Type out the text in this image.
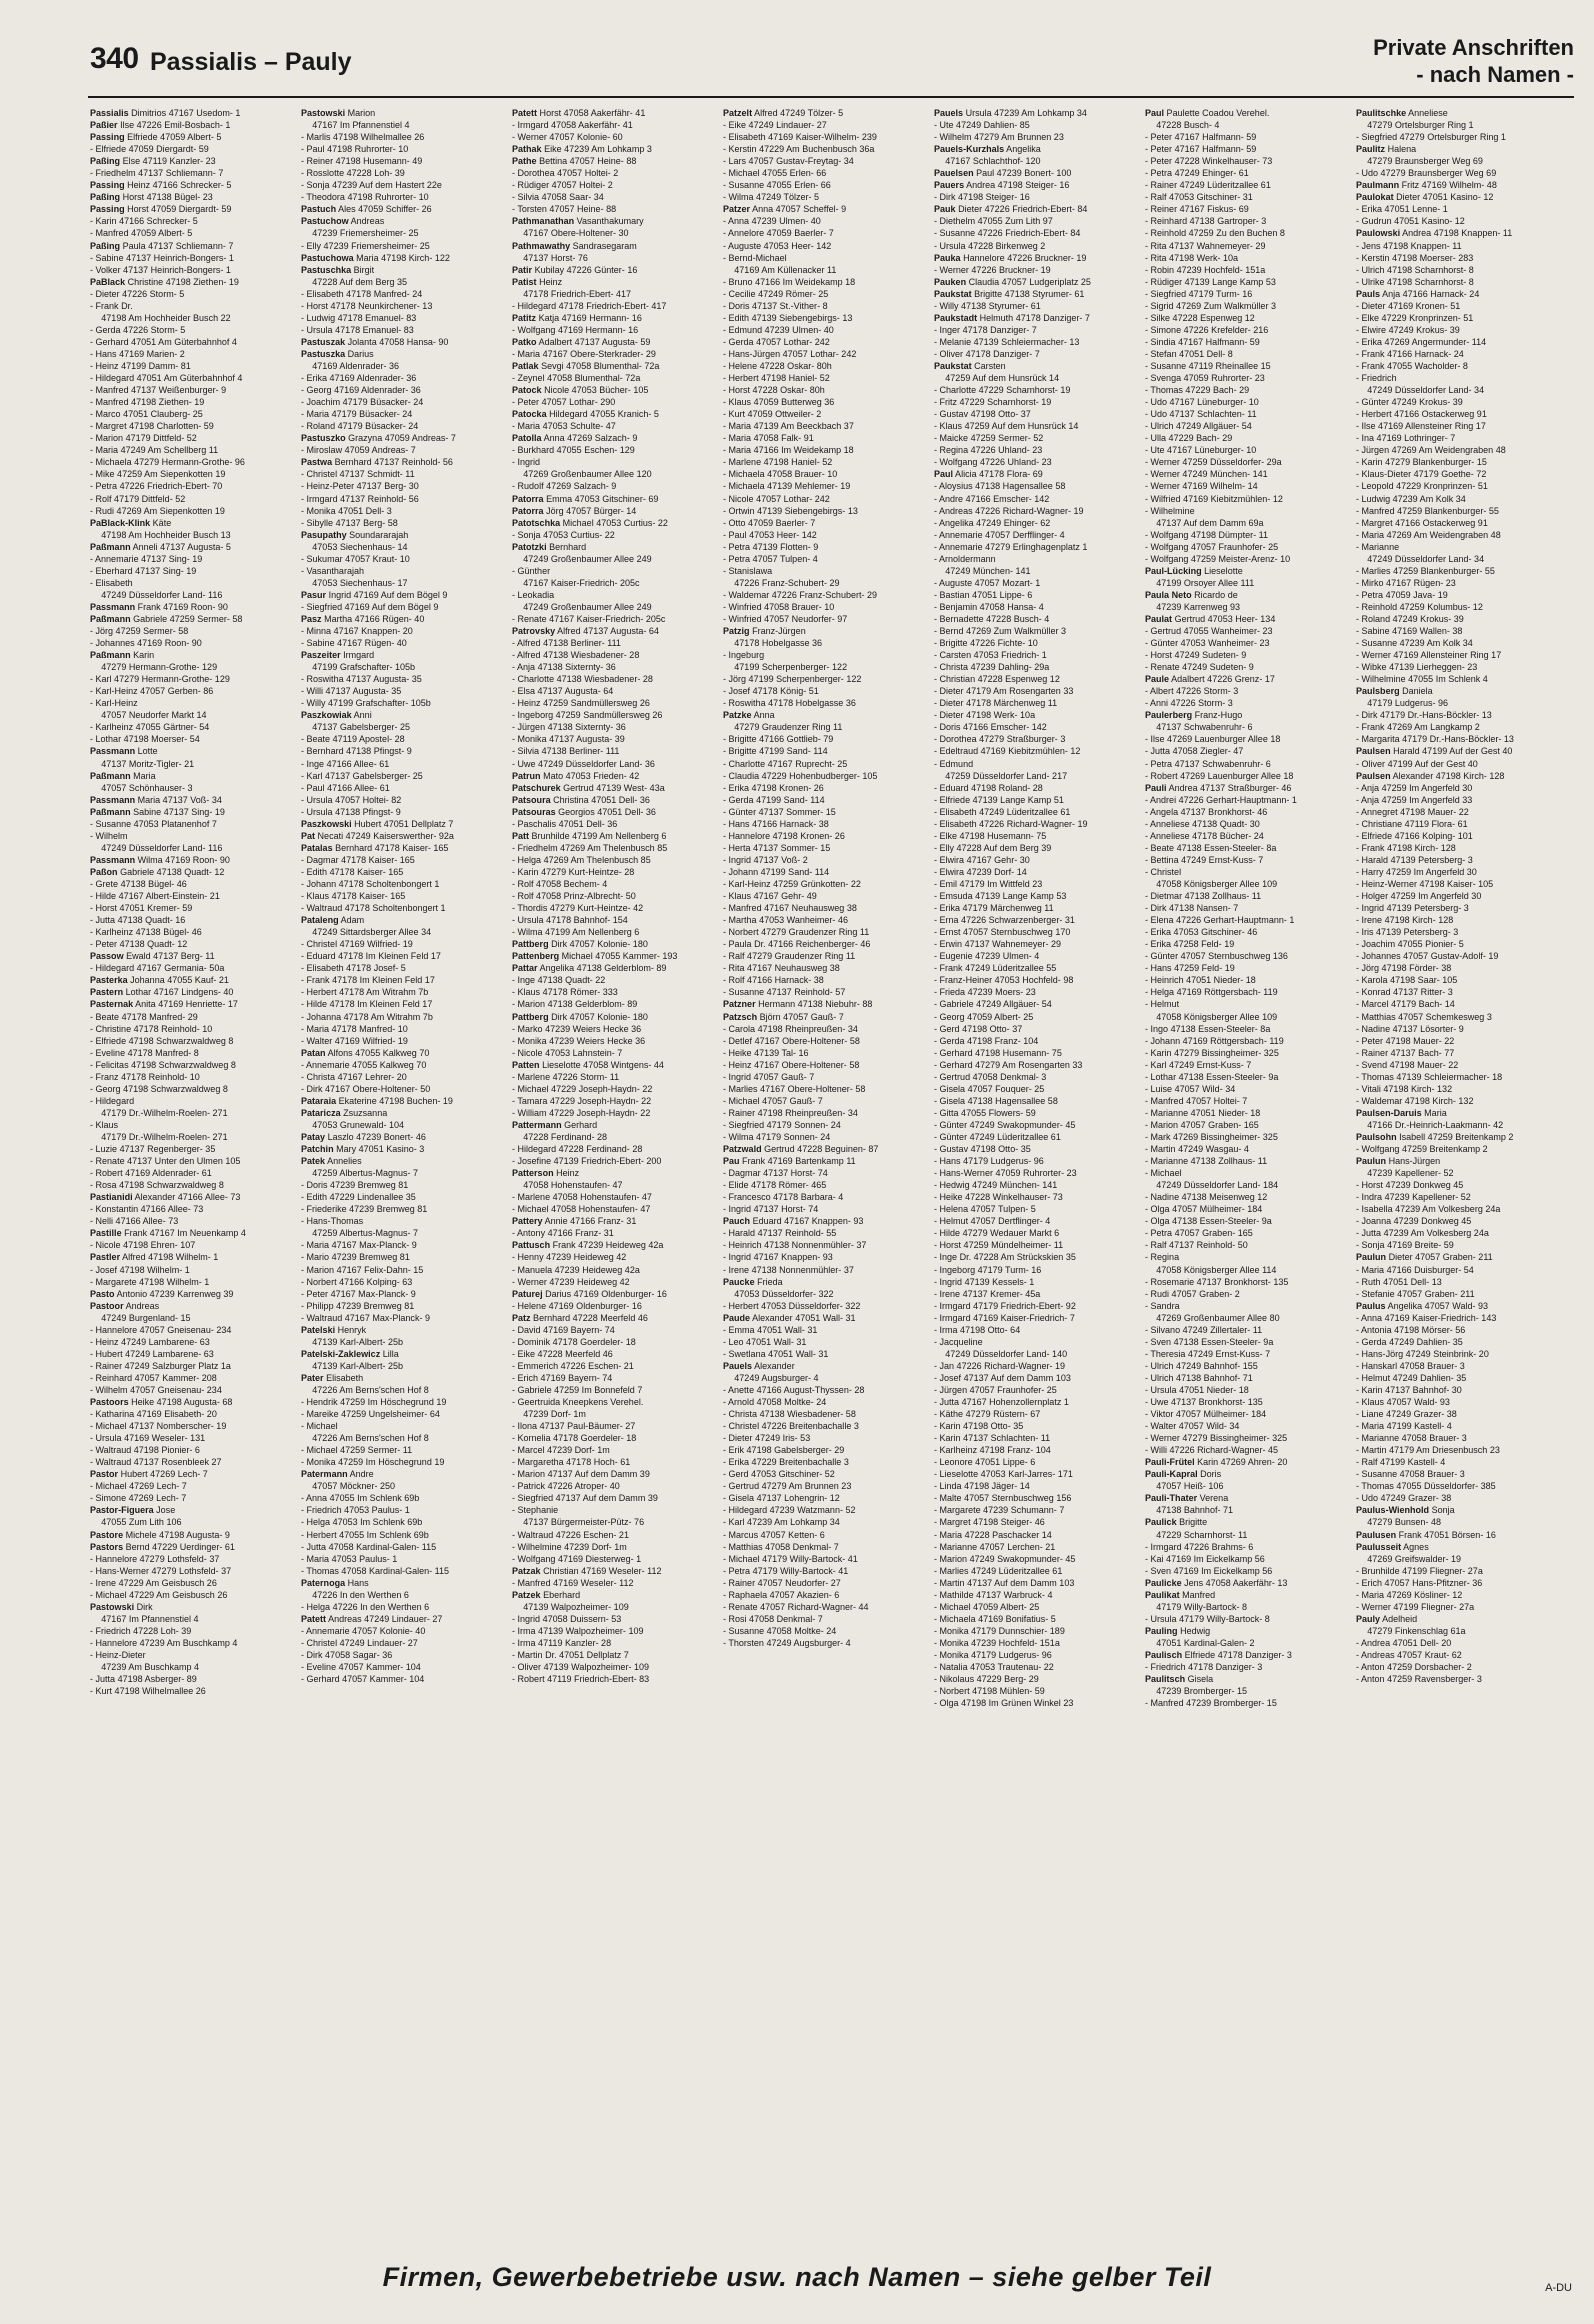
340 Passialis – Pauly
Private Anschriften
- nach Namen -
Passialis Dimitrios 47167 Usedom- 1
Paßier Ilse 47226 Emil-Bosbach- 1
Passing Elfriede 47059 Albert- 5
- Elfriede 47059 Diergardt- 59
Paßing Else 47119 Kanzler- 23
- Friedhelm 47137 Schliemann- 7
Passing Heinz 47166 Schrecker- 5
Paßing Horst 47138 Bügel- 23
Passing Horst 47059 Diergardt- 59
- Karin 47166 Schrecker- 5
- Manfred 47059 Albert- 5
Paßing Paula 47137 Schliemann- 7
- Sabine 47137 Heinrich-Bongers- 1
- Volker 47137 Heinrich-Bongers- 1
PaBlack Christine 47198 Ziethen- 19
- Dieter 47226 Storm- 5
- Frank Dr.
47198 Am Hochheider Busch 22
- Gerda 47226 Storm- 5
- Gerhard 47051 Am Güterbahnhof 4
- Hans 47169 Marien- 2
- Heinz 47199 Damm- 81
- Hildegard 47051 Am Güterbahnhof 4
- Manfred 47137 Weißenburger- 9
- Manfred 47198 Ziethen- 19
- Marco 47051 Clauberg- 25
- Margret 47198 Charlotten- 59
- Marion 47179 Dittfeld- 52
- Maria 47249 Am Schellberg 11
- Michaela 47279 Hermann-Grothe- 96
- Mike 47259 Am Siepenkotten 19
- Petra 47226 Friedrich-Ebert- 70
- Rolf 47179 Dittfeld- 52
- Rudi 47269 Am Siepenkotten 19
PaBlack-Klink Käte
47198 Am Hochheider Busch 13
Paßmann Anneli 47137 Augusta- 5
- Annemarie 47137 Sing- 19
- Eberhard 47137 Sing- 19
- Elisabeth
47249 Düsseldorfer Land- 116
Passmann Frank 47169 Roon- 90
Paßmann Gabriele 47259 Sermer- 58
- Jörg 47259 Sermer- 58
- Johannes 47169 Roon- 90
Paßmann Karin
47279 Hermann-Grothe- 129
- Karl 47279 Hermann-Grothe- 129
- Karl-Heinz 47057 Gerben- 86
- Karl-Heinz
47057 Neudorfer Markt 14
- Karlheinz 47055 Gärtner- 54
- Lothar 47198 Moerser- 54
Passmann Lotte
47137 Moritz-Tigler- 21
Paßmann Maria
47057 Schönhauser- 3
Passmann Maria 47137 Voß- 34
Paßmann Sabine 47137 Sing- 19
- Susanne 47053 Platanenhof 7
- Wilhelm
47249 Düsseldorfer Land- 116
Passmann Wilma 47169 Roon- 90
Paßon Gabriele 47138 Quadt- 12
- Grete 47138 Bügel- 46
- Hilde 47167 Albert-Einstein- 21
- Horst 47051 Kremer- 59
- Jutta 47138 Quadt- 16
- Karlheinz 47138 Bügel- 46
- Peter 47138 Quadt- 12
Passow Ewald 47137 Berg- 11
- Hildegard 47167 Germania- 50a
Pasterka Johanna 47055 Kauf- 21
Pastern Lothar 47167 Lindgens- 40
Pasternak Anita 47169 Henriette- 17
- Beate 47178 Manfred- 29
- Christine 47178 Reinhold- 10
- Elfriede 47198 Schwarzwaldweg 8
- Eveline 47178 Manfred- 8
- Felicitas 47198 Schwarzwaldweg 8
- Franz 47178 Reinhold- 10
- Georg 47198 Schwarzwaldweg 8
- Hildegard
47179 Dr.-Wilhelm-Roelen- 271
- Klaus
47179 Dr.-Wilhelm-Roelen- 271
- Luzie 47137 Regenberger- 35
- Renate 47137 Unter den Ulmen 105
- Robert 47169 Aldenrader- 61
- Rosa 47198 Schwarzwaldweg 8
Pastianidi Alexander 47166 Allee- 73
- Konstantin 47166 Allee- 73
- Nelli 47166 Allee- 73
Pastille Frank 47167 Im Neuenkamp 4
- Nicole 47198 Ehren- 107
Pastler Alfred 47198 Wilhelm- 1
- Josef 47198 Wilhelm- 1
- Margarete 47198 Wilhelm- 1
Pasto Antonio 47239 Karrenweg 39
Pastoor Andreas
47249 Burgenland- 15
- Hannelore 47057 Gneisenau- 234
- Heinz 47249 Lambarene- 63
- Hubert 47249 Lambarene- 63
- Rainer 47249 Salzburger Platz 1a
- Reinhard 47057 Kammer- 208
- Wilhelm 47057 Gneisenau- 234
Pastoors Heike 47198 Augusta- 68
- Katharina 47169 Elisabeth- 20
- Michael 47137 Nomberscher- 19
- Ursula 47169 Weseler- 131
- Waltraud 47198 Pionier- 6
- Waltraud 47137 Rosenbleek 27
Pastor Hubert 47269 Lech- 7
- Michael 47269 Lech- 7
- Simone 47269 Lech- 7
Pastor-Figuera Jose
47055 Zum Lith 106
Pastore Michele 47198 Augusta- 9
Pastors Bernd 47229 Uerdinger- 61
- Hannelore 47279 Lothsfeld- 37
- Hans-Werner 47279 Lothsfeld- 37
- Irene 47229 Am Geisbusch 26
- Michael 47229 Am Geisbusch 26
Pastowski Dirk
47167 Im Pfannenstiel 4
- Friedrich 47228 Loh- 39
- Hannelore 47239 Am Buschkamp 4
- Heinz-Dieter
47239 Am Buschkamp 4
- Jutta 47198 Asberger- 89
- Kurt 47198 Wilhelmallee 26
Pastowski Marion
47167 Im Pfannenstiel 4
- Marlis 47198 Wilhelmallee 26
- Paul 47198 Ruhrorter- 10
- Reiner 47198 Husemann- 49
- Rosslotte 47228 Loh- 39
- Sonja 47239 Auf dem Hastert 22e
- Theodora 47198 Ruhrorter- 10
Pastuch Ales 47059 Schiffer- 26
Pastuchow Andreas
47239 Friemersheimer- 25
- Elly 47239 Friemersheimer- 25
Pastuchowa Maria 47198 Kirch- 122
Pastuschka Birgit
47228 Auf dem Berg 35
- Elisabeth 47178 Manfred- 24
- Horst 47178 Neunkirchener- 13
- Ludwig 47178 Emanuel- 83
- Ursula 47178 Emanuel- 83
Pastuszak Jolanta 47058 Hansa- 90
Pastuszka Darius
47169 Aldenrader- 36
- Erika 47169 Aldenrader- 36
- Georg 47169 Aldenrader- 36
- Joachim 47179 Büsacker- 24
- Maria 47179 Büsacker- 24
- Roland 47179 Büsacker- 24
Pastuszko Grazyna 47059 Andreas- 7
- Miroslaw 47059 Andreas- 7
Pastwa Bernhard 47137 Reinhold- 56
- Christel 47137 Schmidt- 11
- Heinz-Peter 47137 Berg- 30
- Irmgard 47137 Reinhold- 56
- Monika 47051 Dell- 3
- Sibylle 47137 Berg- 58
Pasupathy Soundararajah
47053 Siechenhaus- 14
- Sukumar 47057 Kraut- 10
- Vasantharajah
47053 Siechenhaus- 17
Pasur Ingrid 47169 Auf dem Bögel 9
- Siegfried 47169 Auf dem Bögel 9
Pasz Martha 47166 Rügen- 40
- Minna 47167 Knappen- 20
- Sabine 47167 Rügen- 40
Paszeiter Irmgard
47199 Grafschafter- 105b
- Roswitha 47137 Augusta- 35
- Willi 47137 Augusta- 35
- Willy 47199 Grafschafter- 105b
Paszkowiak Anni
47137 Gabelsberger- 25
- Beate 47119 Apostel- 28
- Bernhard 47138 Pfingst- 9
- Inge 47166 Allee- 61
- Karl 47137 Gabelsberger- 25
- Paul 47166 Allee- 61
- Ursula 47057 Holtei- 82
- Ursula 47138 Pfingst- 9
Paszkowski Hubert 47051 Dellplatz 7
Pat Necati 47249 Kaiserswerther- 92a
Patalas Bernhard 47178 Kaiser- 165
- Dagmar 47178 Kaiser- 165
- Edith 47178 Kaiser- 165
- Johann 47178 Scholtenbongert 1
- Klaus 47178 Kaiser- 165
- Waltraud 47178 Scholtenbongert 1
Pataleng Adam
47249 Sittardsberger Allee 34
- Christel 47169 Wilfried- 19
- Eduard 47178 Im Kleinen Feld 17
- Elisabeth 47178 Josef- 5
- Frank 47178 Im Kleinen Feld 17
- Herbert 47178 Am Witrahm 7b
- Hilde 47178 Im Kleinen Feld 17
- Johanna 47178 Am Witrahm 7b
- Maria 47178 Manfred- 10
- Walter 47169 Wilfried- 19
Patan Alfons 47055 Kalkweg 70
- Annemarie 47055 Kalkweg 70
- Christa 47167 Lehrer- 20
- Dirk 47167 Obere-Holtener- 50
Pataraia Ekaterine 47198 Buchen- 19
Pataricza Zsuzsanna
47053 Grunewald- 104
Patay Laszlo 47239 Bonert- 46
Patchin Mary 47051 Kasino- 3
Patek Annelies
47259 Albertus-Magnus- 7
- Doris 47239 Bremweg 81
- Edith 47229 Lindenallee 35
- Friederike 47239 Bremweg 81
- Hans-Thomas
47259 Albertus-Magnus- 7
- Maria 47167 Max-Planck- 9
- Mario 47239 Bremweg 81
- Marion 47167 Felix-Dahn- 15
- Norbert 47166 Kolping- 63
- Peter 47167 Max-Planck- 9
- Philipp 47239 Bremweg 81
- Waltraud 47167 Max-Planck- 9
Patelski Henryk
47139 Karl-Albert- 25b
Patelski-Zaklewicz Lilla
47139 Karl-Albert- 25b
Pater Elisabeth
47226 Am Berns'schen Hof 8
- Hendrik 47259 Im Höschegrund 19
- Mareike 47259 Ungelsheimer- 64
- Michael
47226 Am Berns'schen Hof 8
- Michael 47259 Sermer- 11
- Monika 47259 Im Höschegrund 19
Patermann Andre
47057 Möckner- 250
- Anna 47055 Im Schlenk 69b
- Friedrich 47053 Paulus- 1
- Helga 47053 Im Schlenk 69b
- Herbert 47055 Im Schlenk 69b
- Jutta 47058 Kardinal-Galen- 115
- Maria 47053 Paulus- 1
- Thomas 47058 Kardinal-Galen- 115
Paternoga Hans
47226 In den Werthen 6
- Helga 47226 In den Werthen 6
Patett Andreas 47249 Lindauer- 27
- Annemarie 47057 Kolonie- 40
- Christel 47249 Lindauer- 27
- Dirk 47058 Sagar- 36
- Eveline 47057 Kammer- 104
- Gerhard 47057 Kammer- 104
Patett Horst 47058 Aakerfähr- 41
- Irmgard 47058 Aakerfähr- 41
- Werner 47057 Kolonie- 60
Pathak Eike 47239 Am Lohkamp 3
Pathe Bettina 47057 Heine- 88
- Dorothea 47057 Holtei- 2
- Rüdiger 47057 Holtei- 2
- Silvia 47058 Saar- 34
- Torsten 47057 Heine- 88
Pathmanathan Vasanthakumary
47167 Obere-Holtener- 30
Pathmawathy Sandrasegaram
47137 Horst- 76
Patir Kubilay 47226 Günter- 16
Patist Heinz
47178 Friedrich-Ebert- 417
- Hildegard 47178 Friedrich-Ebert- 417
Patitz Katja 47169 Hermann- 16
- Wolfgang 47169 Hermann- 16
Patko Adalbert 47137 Augusta- 59
- Maria 47167 Obere-Sterkrader- 29
Patlak Sevgi 47058 Blumenthal- 72a
- Zeynel 47058 Blumenthal- 72a
Patock Nicole 47053 Bücher- 105
- Peter 47057 Lothar- 290
Patocka Hildegard 47055 Kranich- 5
- Maria 47053 Schulte- 47
Patolla Anna 47269 Salzach- 9
- Burkhard 47055 Eschen- 129
- Ingrid
47269 Großenbaumer Allee 120
- Rudolf 47269 Salzach- 9
Patorra Emma 47053 Gitschiner- 69
Patorra Jörg 47057 Bürger- 14
Patotschka Michael 47053 Curtius- 22
- Sonja 47053 Curtius- 22
Patotzki Bernhard
47249 Großenbaumer Allee 249
- Günther
47167 Kaiser-Friedrich- 205c
- Leokadia
47249 Großenbaumer Allee 249
- Renate 47167 Kaiser-Friedrich- 205c
Patrovsky Alfred 47137 Augusta- 64
- Alfred 47138 Berliner- 111
- Alfred 47138 Wiesbadener- 28
- Anja 47138 Sixternty- 36
- Charlotte 47138 Wiesbadener- 28
- Elsa 47137 Augusta- 64
- Heinz 47259 Sandmüllersweg 26
- Ingeborg 47259 Sandmüllersweg 26
- Jürgen 47138 Sixternty- 36
- Monika 47137 Augusta- 39
- Silvia 47138 Berliner- 111
- Uwe 47249 Düsseldorfer Land- 36
Patrun Mato 47053 Frieden- 42
Patschurek Gertrud 47139 West- 43a
Patsoura Christina 47051 Dell- 36
Patsouras Georgios 47051 Dell- 36
- Paschalis 47051 Dell- 36
Patt Brunhilde 47199 Am Nellenberg 6
- Friedhelm 47269 Am Thelenbusch 85
- Helga 47269 Am Thelenbusch 85
- Karin 47279 Kurt-Heintze- 28
- Rolf 47058 Bechem- 4
- Rolf 47058 Prinz-Albrecht- 50
- Thordis 47279 Kurt-Heintze- 42
- Ursula 47178 Bahnhof- 154
- Wilma 47199 Am Nellenberg 6
Pattberg Dirk 47057 Kolonie- 180
Pattenberg Michael 47055 Kammer- 193
Pattar Angelika 47138 Gelderblom- 89
- Inge 47138 Quadt- 22
- Klaus 47178 Römer- 333
- Marion 47138 Gelderblom- 89
Pattberg Dirk 47057 Kolonie- 180
- Marko 47239 Weiers Hecke 36
- Monika 47239 Weiers Hecke 36
- Nicole 47053 Lahnstein- 7
Patten Lieselotte 47058 Wintgens- 44
- Marlene 47226 Storm- 11
- Michael 47229 Joseph-Haydn- 22
- Tamara 47229 Joseph-Haydn- 22
- William 47229 Joseph-Haydn- 22
Pattermann Gerhard
47228 Ferdinand- 28
- Hildegard 47228 Ferdinand- 28
- Josefine 47139 Friedrich-Ebert- 200
Patterson Heinz
47058 Hohenstaufen- 47
- Marlene 47058 Hohenstaufen- 47
- Michael 47058 Hohenstaufen- 47
Pattery Annie 47166 Franz- 31
- Antony 47166 Franz- 31
Pattusch Frank 47239 Heideweg 42a
- Henny 47239 Heideweg 42
- Manuela 47239 Heideweg 42a
- Werner 47239 Heideweg 42
Paturej Darius 47169 Oldenburger- 16
- Helene 47169 Oldenburger- 16
Patz Bernhard 47228 Meerfeld 46
- David 47169 Bayern- 74
- Dominik 47178 Goerdeler- 18
- Eike 47228 Meerfeld 46
- Emmerich 47226 Eschen- 21
- Erich 47169 Bayern- 74
- Gabriele 47259 Im Bonnefeld 7
- Geertruida Kneepkens Verehel.
47239 Dorf- 1m
- Ilona 47137 Paul-Bäumer- 27
- Kornelia 47178 Goerdeler- 18
- Marcel 47239 Dorf- 1m
- Margaretha 47178 Hoch- 61
- Marion 47137 Auf dem Damm 39
- Patrick 47226 Atroper- 40
- Siegfried 47137 Auf dem Damm 39
- Stephanie
47137 Bürgermeister-Pütz- 76
- Waltraud 47226 Eschen- 21
- Wilhelmine 47239 Dorf- 1m
- Wolfgang 47169 Diesterweg- 1
Patzak Christian 47169 Weseler- 112
- Manfred 47169 Weseler- 112
Patzek Eberhard
47139 Walpozheimer- 109
- Ingrid 47058 Duissern- 53
- Irma 47139 Walpozheimer- 109
- Irma 47119 Kanzler- 28
- Martin Dr. 47051 Dellplatz 7
- Oliver 47139 Walpozheimer- 109
- Robert 47119 Friedrich-Ebert- 83
Patzelt Alfred 47249 Tölzer- 5
- Eike 47249 Lindauer- 27
- Elisabeth 47169 Kaiser-Wilhelm- 239
- Kerstin 47229 Am Buchenbusch 36a
- Lars 47057 Gustav-Freytag- 34
- Michael 47055 Erlen- 66
- Susanne 47055 Erlen- 66
- Wilma 47249 Tölzer- 5
Patzer Anna 47057 Scheffel- 9
- Anna 47239 Ulmen- 40
- Annelore 47059 Baerler- 7
- Auguste 47053 Heer- 142
- Bernd-Michael
47169 Am Küllenacker 11
- Bruno 47166 Im Weidekamp 18
- Cecilie 47249 Römer- 25
- Doris 47137 St.-Vither- 8
- Edith 47139 Siebengebirgs- 13
- Edmund 47239 Ulmen- 40
- Gerda 47057 Lothar- 242
- Hans-Jürgen 47057 Lothar- 242
- Helene 47228 Oskar- 80h
- Herbert 47198 Haniel- 52
- Horst 47228 Oskar- 80h
- Klaus 47059 Butterweg 36
- Kurt 47059 Ottweiler- 2
- Maria 47139 Am Beeckbach 37
- Maria 47058 Falk- 91
- Maria 47166 Im Weidekamp 18
- Marlene 47198 Haniel- 52
- Michaela 47058 Brauer- 10
- Michaela 47139 Mehlemer- 19
- Nicole 47057 Lothar- 242
- Ortwin 47139 Siebengebirgs- 13
- Otto 47059 Baerler- 7
- Paul 47053 Heer- 142
- Petra 47139 Flotten- 9
- Petra 47057 Tulpen- 4
- Stanislawa
47226 Franz-Schubert- 29
- Waldemar 47226 Franz-Schubert- 29
- Winfried 47058 Brauer- 10
- Winfried 47057 Neudorfer- 97
Patzig Franz-Jürgen
47178 Hobelgasse 36
- Ingeburg
47199 Scherpenberger- 122
- Jörg 47199 Scherpenberger- 122
- Josef 47178 König- 51
- Roswitha 47178 Hobelgasse 36
Patzke Anna
47279 Graudenzer Ring 11
- Brigitte 47166 Gottlieb- 79
- Brigitte 47199 Sand- 114
- Charlotte 47167 Ruprecht- 25
- Claudia 47229 Hohenbudberger- 105
- Erika 47198 Kronen- 26
- Gerda 47199 Sand- 114
- Günter 47137 Sommer- 15
- Hans 47166 Harnack- 38
- Hannelore 47198 Kronen- 26
- Herta 47137 Sommer- 15
- Ingrid 47137 Voß- 2
- Johann 47199 Sand- 114
- Karl-Heinz 47259 Grünkotten- 22
- Klaus 47167 Gehr- 49
- Manfred 47167 Neuhausweg 38
- Martha 47053 Wanheimer- 46
- Norbert 47279 Graudenzer Ring 11
- Paula Dr. 47166 Reichenberger- 46
- Ralf 47279 Graudenzer Ring 11
- Rita 47167 Neuhausweg 38
- Rolf 47166 Harnack- 38
- Susanne 47137 Reinhold- 57
Patzner Hermann 47138 Niebuhr- 88
Patzsch Björn 47057 Gauß- 7
- Carola 47198 Rheinpreußen- 34
- Detlef 47167 Obere-Holtener- 58
- Heike 47139 Tal- 16
- Heinz 47167 Obere-Holtener- 58
- Ingrid 47057 Gauß- 7
- Marlies 47167 Obere-Holtener- 58
- Michael 47057 Gauß- 7
- Rainer 47198 Rheinpreußen- 34
- Siegfried 47179 Sonnen- 24
- Wilma 47179 Sonnen- 24
Patzwald Gertrud 47228 Beguinen- 87
Pau Frank 47169 Bartenkamp 11
- Dagmar 47137 Horst- 74
- Elide 47178 Römer- 465
- Francesco 47178 Barbara- 4
- Ingrid 47137 Horst- 74
Pauch Eduard 47167 Knappen- 93
- Harald 47137 Reinhold- 55
- Heinrich 47138 Nonnenmühler- 37
- Ingrid 47167 Knappen- 93
- Irene 47138 Nonnenmühler- 37
Paucke Frieda
47053 Düsseldorfer- 322
- Herbert 47053 Düsseldorfer- 322
Paude Alexander 47051 Wall- 31
- Emma 47051 Wall- 31
- Leo 47051 Wall- 31
- Swetlana 47051 Wall- 31
Pauels Alexander
47249 Augsburger- 4
- Anette 47166 August-Thyssen- 28
- Arnold 47058 Moltke- 24
- Christa 47138 Wiesbadener- 58
- Christel 47226 Breitenbachalle 3
- Dieter 47249 Iris- 53
- Erik 47198 Gabelsberger- 29
- Erika 47229 Breitenbachalle 3
- Gerd 47053 Gitschiner- 52
- Gertrud 47279 Am Brunnen 23
- Gisela 47137 Lohengrin- 12
- Hildegard 47239 Watzmann- 52
- Karl 47239 Am Lohkamp 34
- Marcus 47057 Ketten- 6
- Matthias 47058 Denkmal- 7
- Michael 47179 Willy-Bartock- 41
- Petra 47179 Willy-Bartock- 41
- Rainer 47057 Neudorfer- 27
- Raphaela 47057 Akazien- 6
- Renate 47057 Richard-Wagner- 44
- Rosi 47058 Denkmal- 7
- Susanne 47058 Moltke- 24
- Thorsten 47249 Augsburger- 4
Pauels Ursula 47239 Am Lohkamp 34
- Ute 47249 Dahlien- 85
- Wilhelm 47279 Am Brunnen 23
Pauels-Kurzhals Angelika
47167 Schlachthof- 120
Pauelsen Paul 47239 Bonert- 100
Pauers Andrea 47198 Steiger- 16
- Dirk 47198 Steiger- 16
Pauk Dieter 47226 Friedrich-Ebert- 84
- Diethelm 47055 Zum Lith 97
- Susanne 47226 Friedrich-Ebert- 84
- Ursula 47228 Birkenweg 2
Pauka Hannelore 47226 Bruckner- 19
- Werner 47226 Bruckner- 19
Pauken Claudia 47057 Ludgeriplatz 25
Paukstat Brigitte 47138 Styrumer- 61
- Willy 47138 Styrumer- 61
Paukstadt Helmuth 47178 Danziger- 7
- Inger 47178 Danziger- 7
- Melanie 47139 Schleiermacher- 13
- Oliver 47178 Danziger- 7
Paukstat Carsten
47259 Auf dem Hunsrück 14
- Charlotte 47229 Scharnhorst- 19
- Fritz 47229 Scharnhorst- 19
- Gustav 47198 Otto- 37
- Klaus 47259 Auf dem Hunsrück 14
- Maicke 47259 Sermer- 52
- Regina 47226 Uhland- 23
- Wolfgang 47226 Uhland- 23
Paul Alicia 47178 Flora- 69
- Aloysius 47138 Hagensallee 58
- Andre 47166 Emscher- 142
- Andreas 47226 Richard-Wagner- 19
- Angelika 47249 Ehinger- 62
- Annemarie 47057 Derfflinger- 4
- Annemarie 47279 Erlinghagenplatz 1
- Arnoldermann
47249 München- 141
- Auguste 47057 Mozart- 1
- Bastian 47051 Lippe- 6
- Benjamin 47058 Hansa- 4
- Bernadette 47228 Busch- 4
- Bernd 47269 Zum Walkmüller 3
- Brigitte 47226 Fichte- 10
- Carsten 47053 Friedrich- 1
- Christa 47239 Dahling- 29a
- Christian 47228 Espenweg 12
- Dieter 47179 Am Rosengarten 33
- Dieter 47178 Märchenweg 11
- Dieter 47198 Werk- 10a
- Doris 47166 Emscher- 142
- Dorothea 47279 Straßburger- 3
- Edeltraud 47169 Kiebitzmühlen- 12
- Edmund
47259 Düsseldorfer Land- 217
- Eduard 47198 Roland- 28
- Elfriede 47139 Lange Kamp 51
- Elisabeth 47249 Lüderitzallee 61
- Elisabeth 47226 Richard-Wagner- 19
- Elke 47198 Husemann- 75
- Elly 47228 Auf dem Berg 39
- Elwira 47167 Gehr- 30
- Elwira 47239 Dorf- 14
- Emil 47179 Im Wittfeld 23
- Emsuda 47139 Lange Kamp 53
- Erika 47179 Märchenweg 11
- Erna 47226 Schwarzenberger- 31
- Ernst 47057 Sternbuschweg 170
- Erwin 47137 Wahnemeyer- 29
- Eugenie 47239 Ulmen- 4
- Frank 47249 Lüderitzallee 55
- Franz-Heiner 47053 Hochfeld- 98
- Frieda 47239 Moers- 23
- Gabriele 47249 Allgäuer- 54
- Georg 47059 Albert- 25
- Gerd 47198 Otto- 37
- Gerda 47198 Franz- 104
- Gerhard 47198 Husemann- 75
- Gerhard 47279 Am Rosengarten 33
- Gertrud 47058 Denkmal- 3
- Gisela 47057 Fouquer- 25
- Gisela 47138 Hagensallee 58
- Gitta 47055 Flowers- 59
- Günter 47249 Swakopmunder- 45
- Günter 47249 Lüderitzallee 61
- Gustav 47198 Otto- 35
- Hans 47179 Ludgerus- 96
- Hans-Werner 47059 Ruhrorter- 23
- Hedwig 47249 München- 141
- Heike 47228 Winkelhauser- 73
- Helena 47057 Tulpen- 5
- Helmut 47057 Dertflinger- 4
- Hilde 47279 Wedauer Markt 6
- Horst 47259 Mündelheimer- 11
- Inge Dr. 47228 Am Strückskien 35
- Ingeborg 47179 Turm- 16
- Ingrid 47139 Kessels- 1
- Irene 47137 Kremer- 45a
- Irmgard 47179 Friedrich-Ebert- 92
- Irmgard 47169 Kaiser-Friedrich- 7
- Irma 47198 Otto- 64
- Jacqueline
47249 Düsseldorfer Land- 140
- Jan 47226 Richard-Wagner- 19
- Josef 47137 Auf dem Damm 103
- Jürgen 47057 Fraunhofer- 25
- Jutta 47167 Hohenzollernplatz 1
- Käthe 47279 Rüstern- 67
- Karin 47198 Otto- 35
- Karin 47137 Schlachten- 11
- Karlheinz 47198 Franz- 104
- Leonore 47051 Lippe- 6
- Lieselotte 47053 Karl-Jarres- 171
- Linda 47198 Jäger- 14
- Malte 47057 Sternbuschweg 156
- Margarete 47239 Schumann- 7
- Margret 47198 Steiger- 46
- Maria 47228 Paschacker 14
- Marianne 47057 Lerchen- 21
- Marion 47249 Swakopmunder- 45
- Marlies 47249 Lüderitzallee 61
- Martin 47137 Auf dem Damm 103
- Mathilde 47137 Warbruck- 4
- Michael 47059 Albert- 25
- Michaela 47169 Bonifatius- 5
- Monika 47179 Dunnschier- 189
- Monika 47239 Hochfeld- 151a
- Monika 47179 Ludgerus- 96
- Natalia 47053 Trautenau- 22
- Nikolaus 47229 Berg- 29
- Norbert 47198 Mühlen- 59
- Olga 47198 Im Grünen Winkel 23
Paul Paulette Coadou Verehel.
47228 Busch- 4
- Peter 47167 Halfmann- 59
- Peter 47167 Halfmann- 59
- Peter 47228 Winkelhauser- 73
- Petra 47249 Ehinger- 61
- Rainer 47249 Lüderitzallee 61
- Ralf 47053 Gitschiner- 31
- Reiner 47167 Fiskus- 69
- Reinhard 47138 Gartroper- 3
- Reinhold 47259 Zu den Buchen 8
- Rita 47137 Wahnemeyer- 29
- Rita 47198 Werk- 10a
- Robin 47239 Hochfeld- 151a
- Rüdiger 47139 Lange Kamp 53
- Siegfried 47179 Turm- 16
- Sigrid 47269 Zum Walkmüller 3
- Silke 47228 Espenweg 12
- Simone 47226 Krefelder- 216
- Sindia 47167 Halfmann- 59
- Stefan 47051 Dell- 8
- Susanne 47119 Rheinallee 15
- Svenga 47059 Ruhrorter- 23
- Thomas 47229 Bach- 29
- Udo 47167 Lüneburger- 10
- Udo 47137 Schlachten- 11
- Ulrich 47249 Allgäuer- 54
- Ulla 47229 Bach- 29
- Ute 47167 Lüneburger- 10
- Werner 47259 Düsseldorfer- 29a
- Werner 47249 München- 141
- Werner 47169 Wilhelm- 14
- Wilfried 47169 Kiebitzmühlen- 12
- Wilhelmine
47137 Auf dem Damm 69a
- Wolfgang 47198 Dümpter- 11
- Wolfgang 47057 Fraunhofer- 25
- Wolfgang 47259 Meister-Arenz- 10
Paul-Lücking Lieselotte
47199 Orsoyer Allee 111
Paula Neto Ricardo de
47239 Karrenweg 93
Paulat Gertrud 47053 Heer- 134
- Gertrud 47055 Wanheimer- 23
- Günter 47053 Wanheimer- 23
- Horst 47249 Sudeten- 9
- Renate 47249 Sudeten- 9
Paule Adalbert 47226 Grenz- 17
- Albert 47226 Storm- 3
- Anni 47226 Storm- 3
Paulerberg Franz-Hugo
47137 Schwabenruhr- 6
- Ilse 47269 Lauenburger Allee 18
- Jutta 47058 Ziegler- 47
- Petra 47137 Schwabenruhr- 6
- Robert 47269 Lauenburger Allee 18
Pauli Andrea 47137 Straßburger- 46
- Andrei 47226 Gerhart-Hauptmann- 1
- Angela 47137 Bronkhorst- 46
- Anneliese 47138 Quadt- 30
- Anneliese 47178 Bücher- 24
- Beate 47138 Essen-Steeler- 8a
- Bettina 47249 Ernst-Kuss- 7
- Christel
47058 Königsberger Allee 109
- Dietmar 47138 Zollhaus- 11
- Dirk 47138 Nansen- 7
- Elena 47226 Gerhart-Hauptmann- 1
- Erika 47053 Gitschiner- 46
- Erika 47258 Feld- 19
- Günter 47057 Sternbuschweg 136
- Hans 47259 Feld- 19
- Heinrich 47051 Nieder- 18
- Helga 47169 Röttgersbach- 119
- Helmut
47058 Königsberger Allee 109
- Ingo 47138 Essen-Steeler- 8a
- Johann 47169 Röttgersbach- 119
- Karin 47279 Bissingheimer- 325
- Karl 47249 Ernst-Kuss- 7
- Lothar 47138 Essen-Steeler- 9a
- Luise 47057 Wild- 34
- Manfred 47057 Holtei- 7
- Marianne 47051 Nieder- 18
- Marion 47057 Graben- 165
- Mark 47269 Bissingheimer- 325
- Martin 47249 Wasgau- 4
- Marianne 47138 Zollhaus- 11
- Michael
47249 Düsseldorfer Land- 184
- Nadine 47138 Meisenweg 12
- Olga 47057 Mülheimer- 184
- Olga 47138 Essen-Steeler- 9a
- Petra 47057 Graben- 165
- Ralf 47137 Reinhold- 50
- Regina
47058 Königsberger Allee 114
- Rosemarie 47137 Bronkhorst- 135
- Rudi 47057 Graben- 2
- Sandra
47269 Großenbaumer Allee 80
- Silvano 47249 Zillertaler- 11
- Sven 47138 Essen-Steeler- 9a
- Theresia 47249 Ernst-Kuss- 7
- Ulrich 47249 Bahnhof- 155
- Ulrich 47138 Bahnhof- 71
- Ursula 47051 Nieder- 18
- Uwe 47137 Bronkhorst- 135
- Viktor 47057 Mülheimer- 184
- Walter 47057 Wild- 34
- Werner 47279 Bissingheimer- 325
- Willi 47226 Richard-Wagner- 45
Pauli-Frütel Karin 47269 Ahren- 20
Pauli-Kapral Doris
47057 Heiß- 106
Pauli-Thater Verena
47138 Bahnhof- 71
Paulick Brigitte
47229 Scharnhorst- 11
- Irmgard 47226 Brahms- 6
- Kai 47169 Im Eickelkamp 56
- Sven 47169 Im Eickelkamp 56
Paulicke Jens 47058 Aakerfähr- 13
Paulikat Manfred
47179 Willy-Bartock- 8
- Ursula 47179 Willy-Bartock- 8
Pauling Hedwig
47051 Kardinal-Galen- 2
Paulisch Elfriede 47178 Danziger- 3
- Friedrich 47178 Danziger- 3
Paulitsch Gisela
47239 Bromberger- 15
- Manfred 47239 Bromberger- 15
Paulitschke Anneliese
47279 Ortelsburger Ring 1
- Siegfried 47279 Ortelsburger Ring 1
Paulitz Halena
47279 Braunsberger Weg 69
- Udo 47279 Braunsberger Weg 69
Paulmann Fritz 47169 Wilhelm- 48
Paulokat Dieter 47051 Kasino- 12
- Erika 47051 Lenne- 1
- Gudrun 47051 Kasino- 12
Paulowski Andrea 47198 Knappen- 11
- Jens 47198 Knappen- 11
- Kerstin 47198 Moerser- 283
- Ulrich 47198 Scharnhorst- 8
- Ulrike 47198 Scharnhorst- 8
Pauls Anja 47166 Harnack- 24
- Dieter 47169 Kronen- 51
- Elke 47229 Kronprinzen- 51
- Elwire 47249 Krokus- 39
- Erika 47269 Angermunder- 114
- Frank 47166 Harnack- 24
- Frank 47055 Wacholder- 8
- Friedrich
47249 Düsseldorfer Land- 34
- Günter 47249 Krokus- 39
- Herbert 47166 Ostackerweg 91
- Ilse 47169 Allensteiner Ring 17
- Ina 47169 Lothringer- 7
- Jürgen 47269 Am Weidengraben 48
- Karin 47279 Blankenburger- 15
- Klaus-Dieter 47179 Goethe- 72
- Leopold 47229 Kronprinzen- 51
- Ludwig 47239 Am Kolk 34
- Manfred 47259 Blankenburger- 55
- Margret 47166 Ostackerweg 91
- Maria 47269 Am Weidengraben 48
- Marianne
47249 Düsseldorfer Land- 34
- Marlies 47259 Blankenburger- 55
- Mirko 47167 Rügen- 23
- Petra 47059 Java- 19
- Reinhold 47259 Kolumbus- 12
- Roland 47249 Krokus- 39
- Sabine 47169 Wallen- 38
- Susanne 47239 Am Kolk 34
- Werner 47169 Allensteiner Ring 17
- Wibke 47139 Lierheggen- 23
- Wilhelmine 47055 Im Schlenk 4
Paulsberg Daniela
47179 Ludgerus- 96
- Dirk 47179 Dr.-Hans-Böckler- 13
- Frank 47269 Am Langkamp 2
- Margarita 47179 Dr.-Hans-Böckler- 13
Paulsen Harald 47199 Auf der Gest 40
- Oliver 47199 Auf der Gest 40
Paulsen Alexander 47198 Kirch- 128
- Anja 47259 Im Angerfeld 30
- Anja 47259 Im Angerfeld 33
- Annegret 47198 Mauer- 22
- Christiane 47119 Flora- 61
- Elfriede 47166 Kolping- 101
- Frank 47198 Kirch- 128
- Harald 47139 Petersberg- 3
- Harry 47259 Im Angerfeld 30
- Heinz-Werner 47198 Kaiser- 105
- Holger 47259 Im Angerfeld 30
- Ingrid 47139 Petersberg- 3
- Irene 47198 Kirch- 128
- Iris 47139 Petersberg- 3
- Joachim 47055 Pionier- 5
- Johannes 47057 Gustav-Adolf- 19
- Jörg 47198 Förder- 38
- Karola 47198 Saar- 105
- Konrad 47137 Ritter- 3
- Marcel 47179 Bach- 14
- Matthias 47057 Schemkesweg 3
- Nadine 47137 Lösorter- 9
- Peter 47198 Mauer- 22
- Rainer 47137 Bach- 77
- Svend 47198 Mauer- 22
- Thomas 47139 Schleiermacher- 18
- Vitali 47198 Kirch- 132
- Waldemar 47198 Kirch- 132
Paulsen-Daruis Maria
47166 Dr.-Heinrich-Laakmann- 42
Paulsohn Isabell 47259 Breitenkamp 2
- Wolfgang 47259 Breitenkamp 2
Paulun Hans-Jürgen
47239 Kapellener- 52
- Horst 47239 Donkweg 45
- Indra 47239 Kapellener- 52
- Isabella 47239 Am Volkesberg 24a
- Joanna 47239 Donkweg 45
- Jutta 47239 Am Volkesberg 24a
- Sonja 47169 Breite- 59
Paulun Dieter 47057 Graben- 211
- Maria 47166 Duisburger- 54
- Ruth 47051 Dell- 13
- Stefanie 47057 Graben- 211
Paulus Angelika 47057 Wald- 93
- Anna 47169 Kaiser-Friedrich- 143
- Antonia 47198 Mörser- 56
- Gerda 47249 Dahlien- 35
- Hans-Jörg 47249 Steinbrink- 20
- Hanskarl 47058 Brauer- 3
- Helmut 47249 Dahlien- 35
- Karin 47137 Bahnhof- 30
- Klaus 47057 Wald- 93
- Liane 47249 Grazer- 38
- Maria 47199 Kastell- 4
- Marianne 47058 Brauer- 3
- Martin 47179 Am Driesenbusch 23
- Ralf 47199 Kastell- 4
- Susanne 47058 Brauer- 3
- Thomas 47055 Düsseldorfer- 385
- Udo 47249 Grazer- 38
Paulus-Wienhold Sonja
47279 Bunsen- 48
Paulusen Frank 47051 Börsen- 16
Paulusseit Agnes
47269 Greifswalder- 19
- Brunhilde 47199 Fliegner- 27a
- Erich 47057 Hans-Pfitzner- 36
- Maria 47269 Kösliner- 12
- Werner 47199 Fliegner- 27a
Pauly Adelheid
47279 Finkenschlag 61a
- Andrea 47051 Dell- 20
- Andreas 47057 Kraut- 62
- Anton 47259 Dorsbacher- 2
- Anton 47259 Ravensberger- 3
Firmen, Gewerbebetriebe usw. nach Namen – siehe gelber Teil	A-DU
